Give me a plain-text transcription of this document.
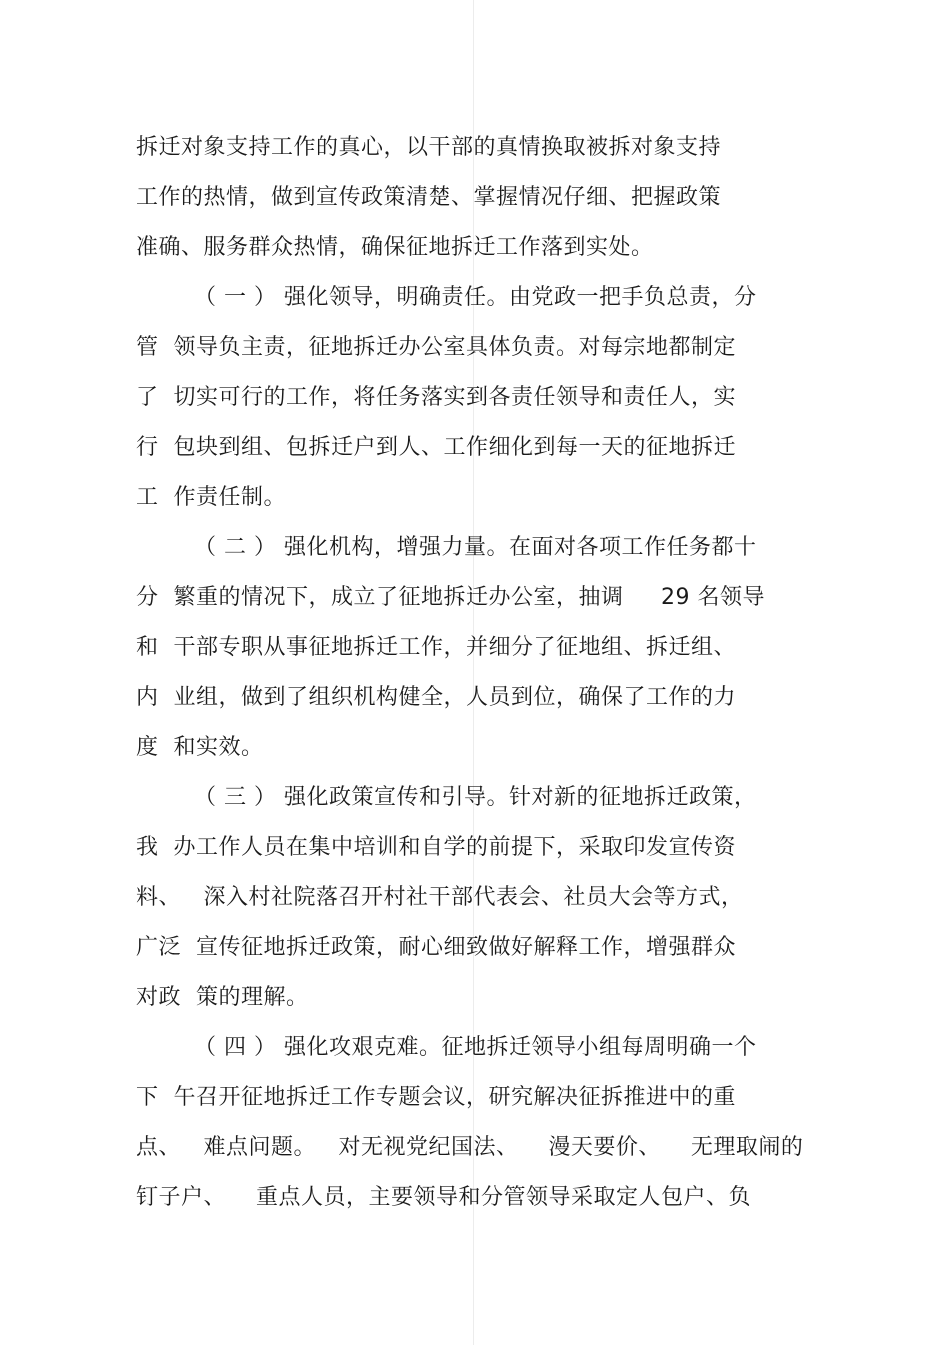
拆迁对象支持工作的真心，以干部的真情换取被拆对象支持
工作的热情，做到宣传政策清楚、掌握情况仔细、把握政策
准确、服务群众热情，确保征地拆迁工作落到实处。
（ 一 ） 强化领导，明确责任。由党政一把手负总责，分
管  领导负主责，征地拆迁办公室具体负责。对每宗地都制定
了  切实可行的工作，将任务落实到各责任领导和责任人，实
行  包块到组、包拆迁户到人、工作细化到每一天的征地拆迁
工  作责任制。
（ 二 ） 强化机构，增强力量。在面对各项工作任务都十
分  繁重的情况下，成立了征地拆迁办公室，抽调     29 名领导
和  干部专职从事征地拆迁工作，并细分了征地组、拆迁组、
内  业组，做到了组织机构健全，人员到位，确保了工作的力
度  和实效。
（ 三 ） 强化政策宣传和引导。针对新的征地拆迁政策，
我  办工作人员在集中培训和自学的前提下，采取印发宣传资
料、   深入村社院落召开村社干部代表会、社员大会等方式，
广泛  宣传征地拆迁政策，耐心细致做好解释工作，增强群众
对政  策的理解。
（ 四 ） 强化攻艰克难。征地拆迁领导小组每周明确一个
下  午召开征地拆迁工作专题会议，研究解决征拆推进中的重
点、   难点问题。   对无视党纪国法、    漫天要价、    无理取闹的
钉子户、    重点人员，主要领导和分管领导采取定人包户、负
